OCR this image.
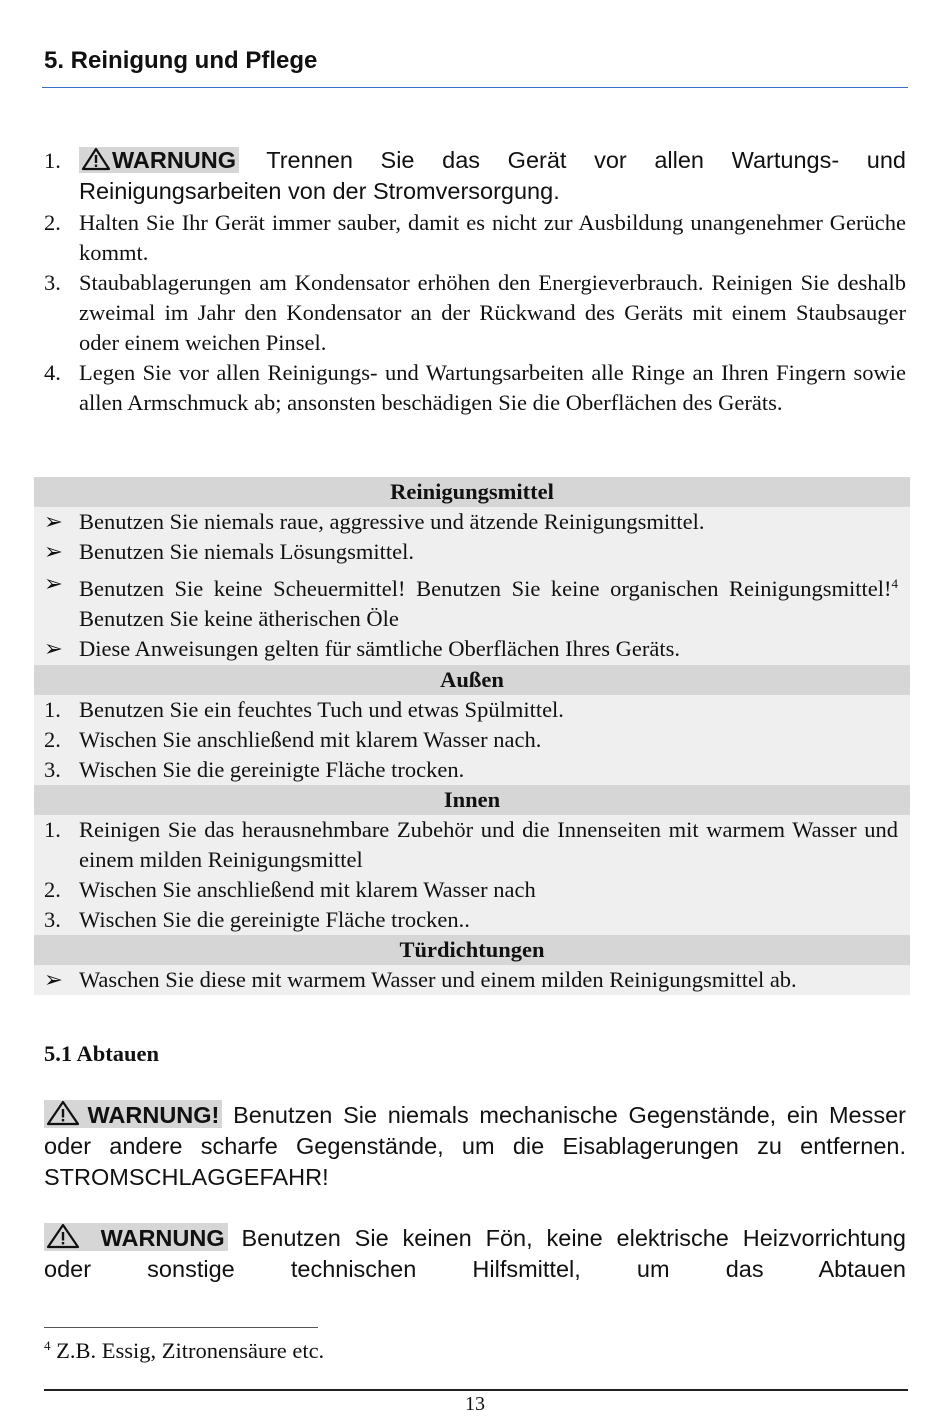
5. Reinigung und Pflege
1.	WARNUNG Trennen Sie das Gerät vor allen Wartungs- und Reinigungsarbeiten von der Stromversorgung.
2. Halten Sie Ihr Gerät immer sauber, damit es nicht zur Ausbildung unangenehmer Gerüche kommt.
3. Staubablagerungen am Kondensator erhöhen den Energieverbrauch. Reinigen Sie deshalb zweimal im Jahr den Kondensator an der Rückwand des Geräts mit einem Staubsauger oder einem weichen Pinsel.
4. Legen Sie vor allen Reinigungs- und Wartungsarbeiten alle Ringe an Ihren Fingern sowie allen Armschmuck ab; ansonsten beschädigen Sie die Oberflächen des Geräts.
Reinigungsmittel
➢ Benutzen Sie niemals raue, aggressive und ätzende Reinigungsmittel.
➢ Benutzen Sie niemals Lösungsmittel.
➢ Benutzen Sie keine Scheuermittel! Benutzen Sie keine organischen Reinigungsmittel!$^4$ Benutzen Sie keine ätherischen Öle
➢ Diese Anweisungen gelten für sämtliche Oberflächen Ihres Geräts.
Außen
1. Benutzen Sie ein feuchtes Tuch und etwas Spülmittel.
2. Wischen Sie anschließend mit klarem Wasser nach.
3. Wischen Sie die gereinigte Fläche trocken.
Innen
1. Reinigen Sie das herausnehmbare Zubehör und die Innenseiten mit warmem Wasser und einem milden Reinigungsmittel
2. Wischen Sie anschließend mit klarem Wasser nach
3. Wischen Sie die gereinigte Fläche trocken..
Türdichtungen
➢ Waschen Sie diese mit warmem Wasser und einem milden Reinigungsmittel ab.
5.1 Abtauen
WARNUNG! Benutzen Sie niemals mechanische Gegenstände, ein Messer oder andere scharfe Gegenstände, um die Eisablagerungen zu entfernen. STROMSCHLAGGEFAHR!
WARNUNG Benutzen Sie keinen Fön, keine elektrische Heizvorrichtung oder sonstige technischen Hilfsmittel, um das Abtauen
$^4$ Z.B. Essig, Zitronensäure etc.
13
